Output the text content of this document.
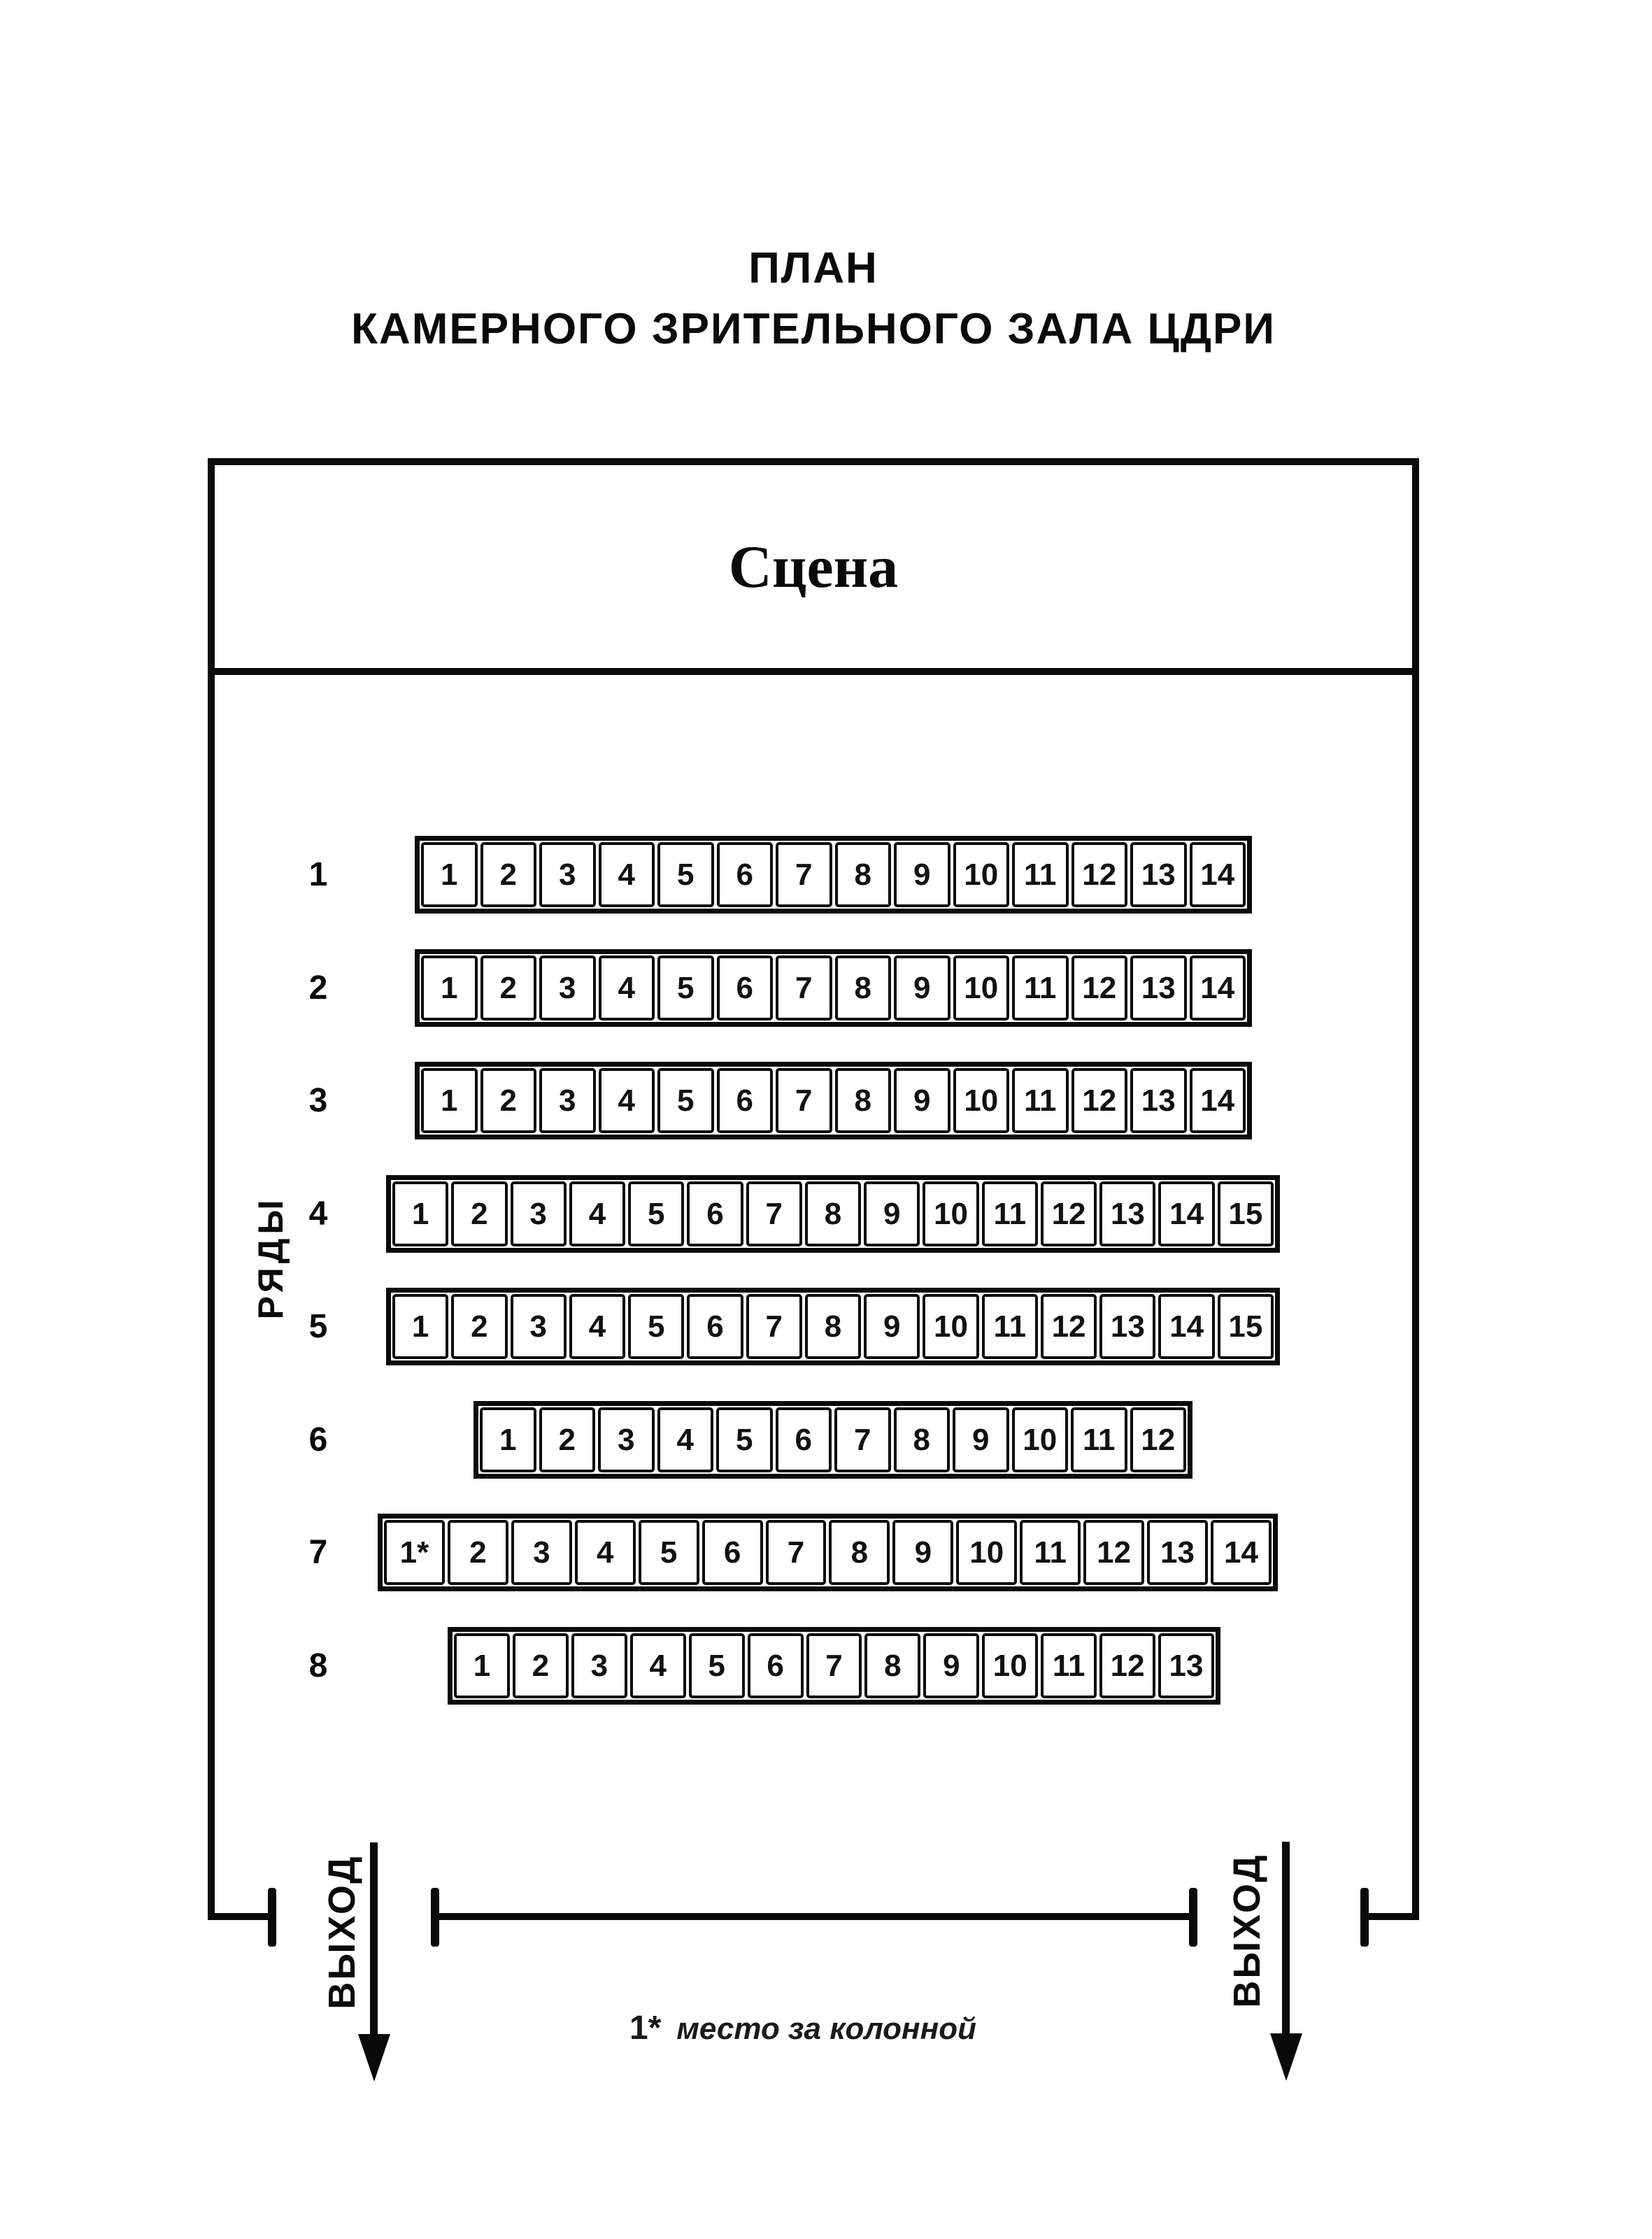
ПЛАН
КАМЕРНОГО ЗРИТЕЛЬНОГО ЗАЛА ЦДРИ
Сцена
РЯДЫ
1	1	2	3	4	5	6	7	8	9	10 11 12 13 14
2	1	2	3	4	5	6	7	8	9	10 11 12 13 14
3	1	2	3	4	5	6	7	8	9	10 11 12 13 14
4	1	2	3	4	5	6	7	8	9	10 11 12 13 14 15
5	1	2	3	4	5	6	7	8	9	10 11 12 13 14 15
6	1	2	3	4	5	6	7	8	9	10 11 12
7	1*	2	3	4	5	6	7	8	9	10 11 12 13 14
8	1	2	3	4	5	6	7	8	9	10 11 12 13
ВЫХОД	ВЫХОД
1* место за колонной
